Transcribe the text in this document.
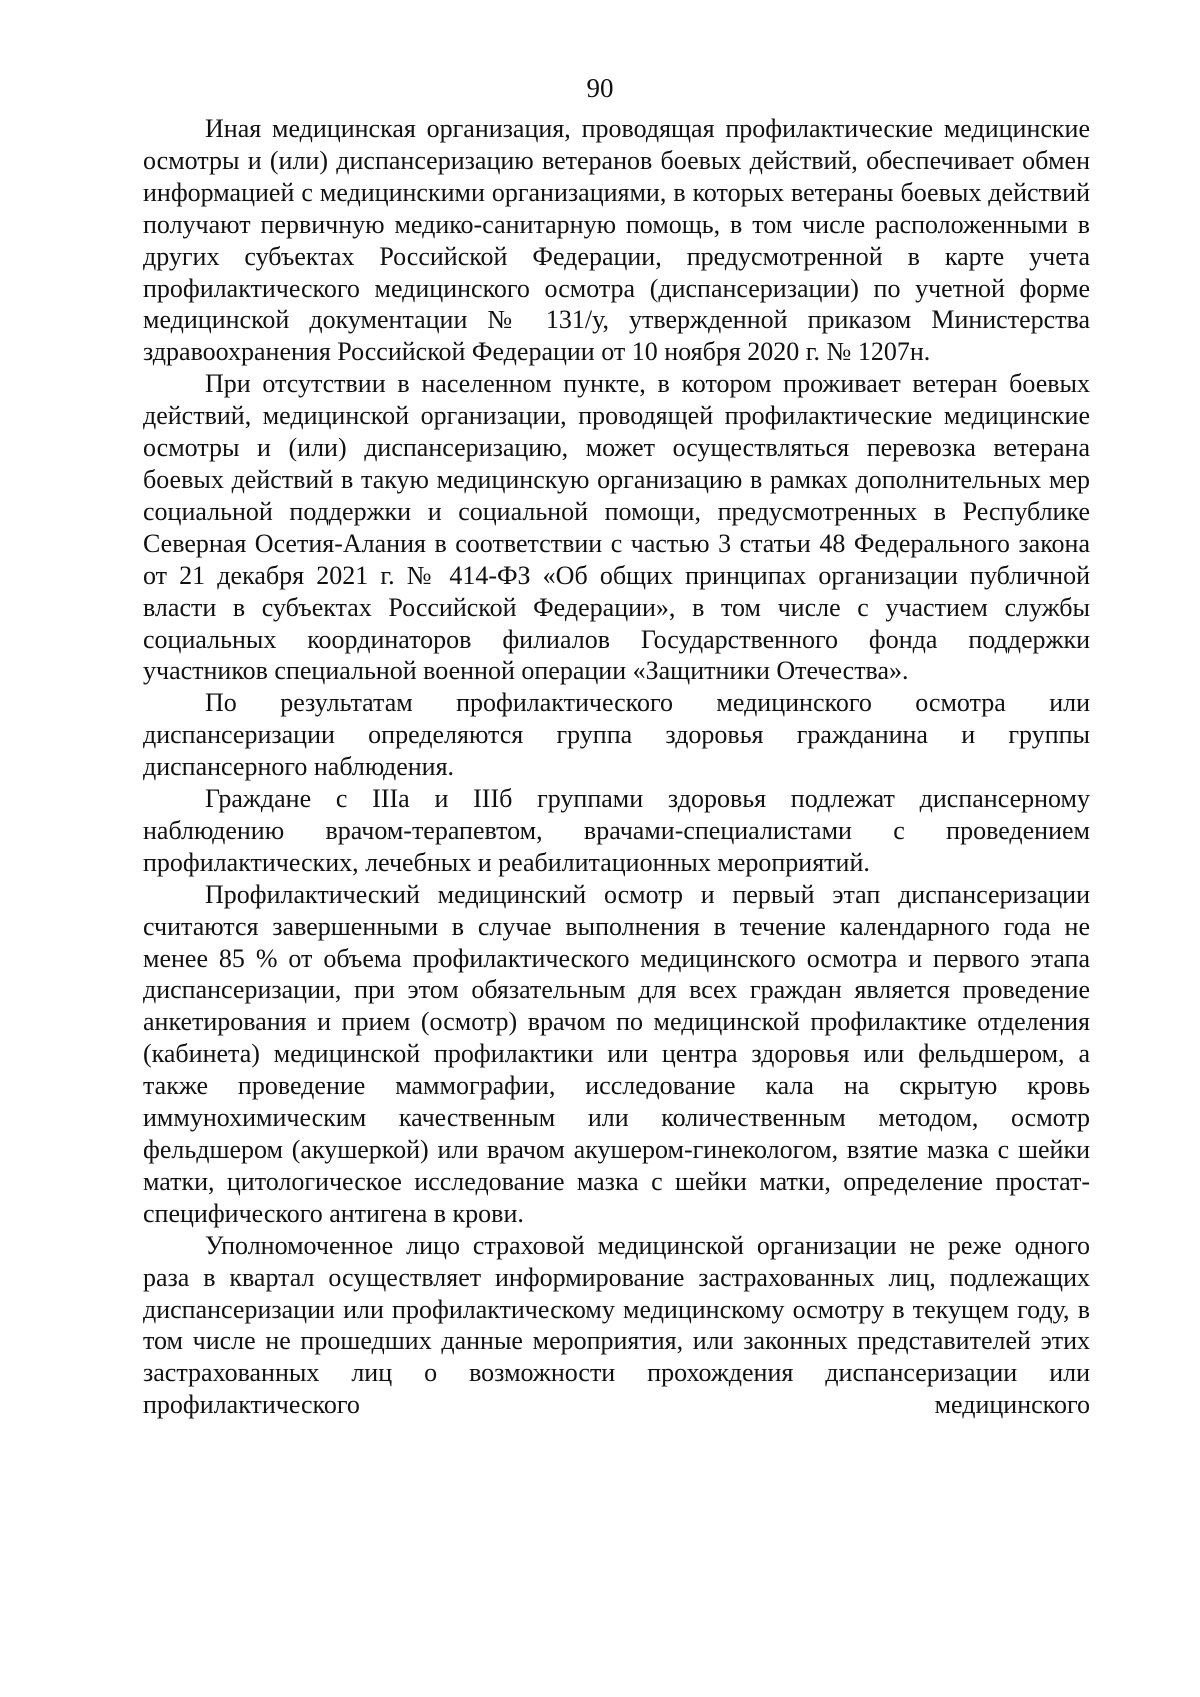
90

Иная медицинская организация, проводящая профилактические медицинские осмотры и (или) диспансеризацию ветеранов боевых действий, обеспечивает обмен информацией с медицинскими организациями, в которых ветераны боевых действий получают первичную медико-санитарную помощь, в том числе расположенными в других субъектах Российской Федерации, предусмотренной в карте учета профилактического медицинского осмотра (диспансеризации) по учетной форме медицинской документации № 131/у, утвержденной приказом Министерства здравоохранения Российской Федерации от 10 ноября 2020 г. № 1207н.

При отсутствии в населенном пункте, в котором проживает ветеран боевых действий, медицинской организации, проводящей профилактические медицинские осмотры и (или) диспансеризацию, может осуществляться перевозка ветерана боевых действий в такую медицинскую организацию в рамках дополнительных мер социальной поддержки и социальной помощи, предусмотренных в Республике Северная Осетия-Алания в соответствии с частью 3 статьи 48 Федерального закона от 21 декабря 2021 г. № 414-ФЗ «Об общих принципах организации публичной власти в субъектах Российской Федерации», в том числе с участием службы социальных координаторов филиалов Государственного фонда поддержки участников специальной военной операции «Защитники Отечества».

По результатам профилактического медицинского осмотра или диспансеризации определяются группа здоровья гражданина и группы диспансерного наблюдения.

Граждане с IIIа и IIIб группами здоровья подлежат диспансерному наблюдению врачом-терапевтом, врачами-специалистами с проведением профилактических, лечебных и реабилитационных мероприятий.

Профилактический медицинский осмотр и первый этап диспансеризации считаются завершенными в случае выполнения в течение календарного года не менее 85 % от объема профилактического медицинского осмотра и первого этапа диспансеризации, при этом обязательным для всех граждан является проведение анкетирования и прием (осмотр) врачом по медицинской профилактике отделения (кабинета) медицинской профилактики или центра здоровья или фельдшером, а также проведение маммографии, исследование кала на скрытую кровь иммунохимическим качественным или количественным методом, осмотр фельдшером (акушеркой) или врачом акушером-гинекологом, взятие мазка с шейки матки, цитологическое исследование мазка с шейки матки, определение простат-специфического антигена в крови.

Уполномоченное лицо страховой медицинской организации не реже одного раза в квартал осуществляет информирование застрахованных лиц, подлежащих диспансеризации или профилактическому медицинскому осмотру в текущем году, в том числе не прошедших данные мероприятия, или законных представителей этих застрахованных лиц о возможности прохождения диспансеризации или профилактического медицинского
